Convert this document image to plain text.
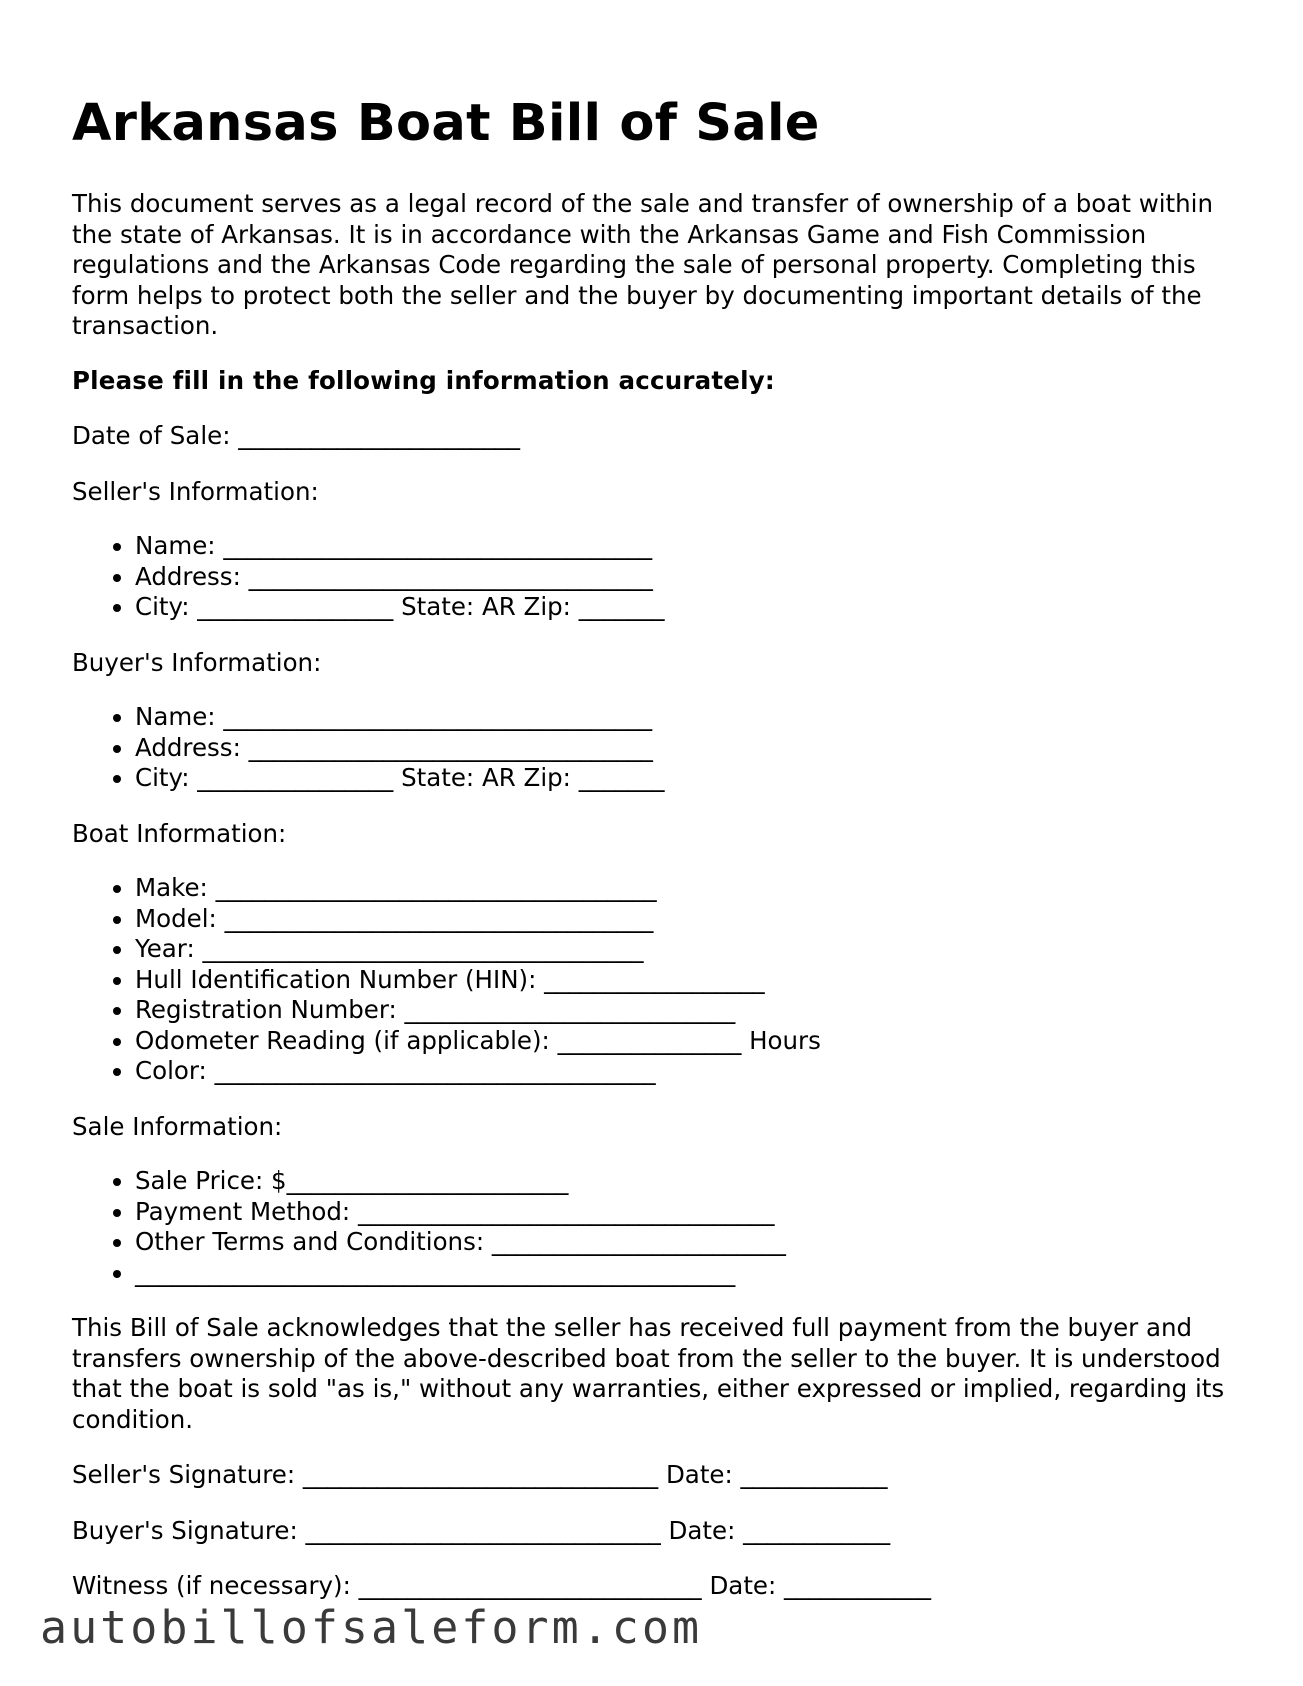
Arkansas Boat Bill of Sale

This document serves as a legal record of the sale and transfer of ownership of a boat within the state of Arkansas. It is in accordance with the Arkansas Game and Fish Commission regulations and the Arkansas Code regarding the sale of personal property. Completing this form helps to protect both the seller and the buyer by documenting important details of the transaction.

Please fill in the following information accurately:

Date of Sale: _______________________
Seller's Information:
• Name: ___________________________________
• Address: _________________________________
• City: ________________ State: AR Zip: _______
Buyer's Information:
• Name: ___________________________________
• Address: _________________________________
• City: ________________ State: AR Zip: _______
Boat Information:
• Make: ____________________________________
• Model: ___________________________________
• Year: ____________________________________
• Hull Identification Number (HIN): __________________
• Registration Number: ___________________________
• Odometer Reading (if applicable): _______________ Hours
• Color: ____________________________________
Sale Information:
• Sale Price: $_______________________
• Payment Method: __________________________________
• Other Terms and Conditions: ________________________
• _________________________________________________

This Bill of Sale acknowledges that the seller has received full payment from the buyer and transfers ownership of the above-described boat from the seller to the buyer. It is understood that the boat is sold "as is," without any warranties, either expressed or implied, regarding its condition.

Seller's Signature: _____________________________ Date: ____________
Buyer's Signature: _____________________________ Date: ____________
Witness (if necessary): ____________________________ Date: ____________
autobillofsaleform.com
